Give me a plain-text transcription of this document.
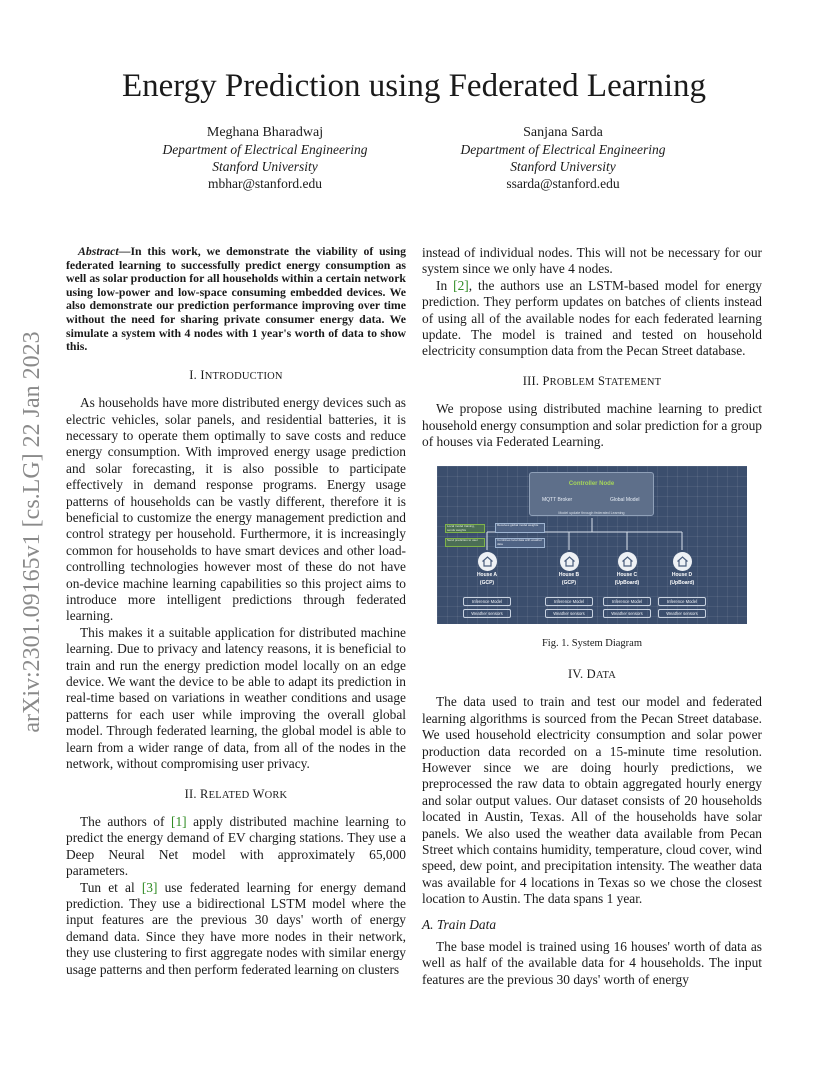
arXiv:2301.09165v1 [cs.LG] 22 Jan 2023
Energy Prediction using Federated Learning
Meghana Bharadwaj
Department of Electrical Engineering
Stanford University
mbhar@stanford.edu
Sanjana Sarda
Department of Electrical Engineering
Stanford University
ssarda@stanford.edu

Abstract—In this work, we demonstrate the viability of using federated learning to successfully predict energy consumption as well as solar production for all households within a certain network using low-power and low-space consuming embedded devices. We also demonstrate our prediction performance improving over time without the need for sharing private consumer energy data. We simulate a system with 4 nodes with 1 year's worth of data to show this.

I. INTRODUCTION

As households have more distributed energy devices such as electric vehicles, solar panels, and residential batteries, it is necessary to operate them optimally to save costs and reduce energy consumption. With improved energy usage prediction and solar forecasting, it is also possible to participate effectively in demand response programs. Energy usage patterns of households can be vastly different, therefore it is beneficial to customize the energy management prediction and control strategy per household. Furthermore, it is increasingly common for households to have smart devices and other load-controlling technologies however most of these do not have on-device machine learning capabilities so this project aims to introduce more intelligent predictions through federated learning.

This makes it a suitable application for distributed machine learning. Due to privacy and latency reasons, it is beneficial to train and run the energy prediction model locally on an edge device. We want the device to be able to adapt its prediction in real-time based on variations in weather conditions and usage patterns for each user while improving the overall global model. Through federated learning, the global model is able to learn from a wider range of data, from all of the nodes in the network, without compromising user privacy.

II. RELATED WORK

The authors of [1] apply distributed machine learning to predict the energy demand of EV charging stations. They use a Deep Neural Net model with approximately 65,000 parameters.

Tun et al [3] use federated learning for energy demand prediction. They use a bidirectional LSTM model where the input features are the previous 30 days' worth of energy demand data. Since they have more nodes in their network, they use clustering to first aggregate nodes with similar energy usage patterns and then perform federated learning on clusters

instead of individual nodes. This will not be necessary for our system since we only have 4 nodes.

In [2], the authors use an LSTM-based model for energy prediction. They perform updates on batches of clients instead of using all of the available nodes for each federated learning update. The model is trained and tested on household electricity consumption data from the Pecan Street database.

III. PROBLEM STATEMENT

We propose using distributed machine learning to predict household energy consumption and solar prediction for a group of houses via Federated Learning.

Controller Node
MQTT Broker	Global Model
Model update through federated Learning
Local model training, sends weights
Send prediction to user
Receives global model weights
Combines local data with weather data
House A
(GCP)
House B
(GCP)
House C
(UpBoard)
House D
(UpBoard)
Inference Model
Weather sensors
Inference Model
Weather sensors
Inference Model
Weather sensors
Inference Model
Weather sensors

Fig. 1. System Diagram

IV. DATA

The data used to train and test our model and federated learning algorithms is sourced from the Pecan Street database. We used household electricity consumption and solar power production data recorded on a 15-minute time resolution. However since we are doing hourly predictions, we preprocessed the raw data to obtain aggregated hourly energy and solar output values. Our dataset consists of 20 households located in Austin, Texas. All of the households have solar panels. We also used the weather data available from Pecan Street which contains humidity, temperature, cloud cover, wind speed, dew point, and precipitation intensity. The weather data was available for 4 locations in Texas so we chose the closest location to Austin. The data spans 1 year.

A. Train Data

The base model is trained using 16 houses' worth of data as well as half of the available data for 4 households. The input features are the previous 30 days' worth of energy
